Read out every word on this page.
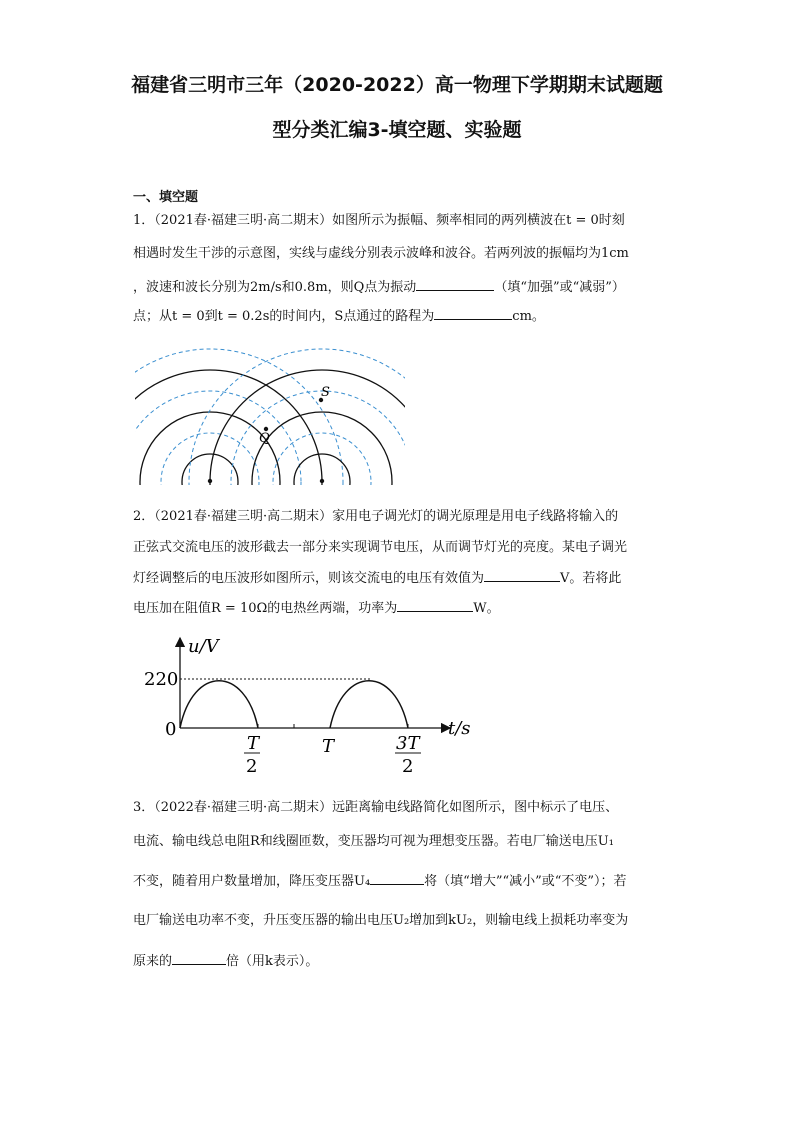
福建省三明市三年（2020-2022）高一物理下学期期末试题题
型分类汇编3-填空题、实验题
一、填空题
1．（2021春·福建三明·高二期末）如图所示为振幅、频率相同的两列横波在t = 0时刻
相遇时发生干涉的示意图，实线与虚线分别表示波峰和波谷。若两列波的振幅均为1cm
，波速和波长分别为2m/s和0.8m，则Q点为振动	（填“加强”或“减弱”）
点；从t = 0到t = 0.2s的时间内，S点通过的路程为	cm。
S
Q
2．（2021春·福建三明·高二期末）家用电子调光灯的调光原理是用电子线路将输入的
正弦式交流电压的波形截去一部分来实现调节电压，从而调节灯光的亮度。某电子调光
灯经调整后的电压波形如图所示，则该交流电的电压有效值为	V。若将此
电压加在阻值R = 10Ω的电热丝两端，功率为	W。
u/V
t/s
220
0
T
T
2
3T
2
3．（2022春·福建三明·高二期末）远距离输电线路简化如图所示，图中标示了电压、
电流、输电线总电阻R和线圈匝数，变压器均可视为理想变压器。若电厂输送电压U₁
不变，随着用户数量增加，降压变压器U₄	将（填“增大”“减小”或“不变”）；若
电厂输送电功率不变，升压变压器的输出电压U₂增加到kU₂，则输电线上损耗功率变为
原来的	倍（用k表示）。
